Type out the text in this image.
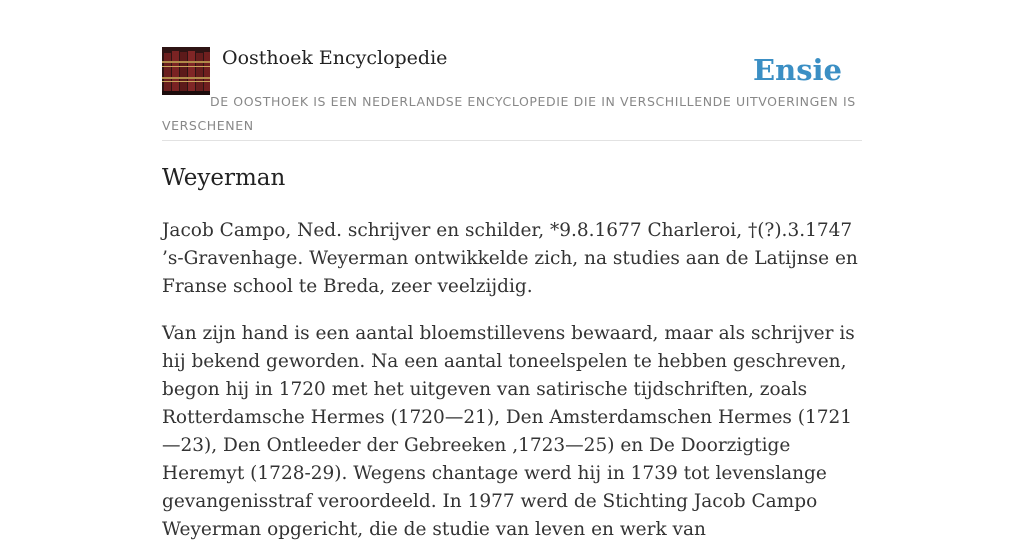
Oosthoek Encyclopedie	Ensie
DE OOSTHOEK IS EEN NEDERLANDSE ENCYCLOPEDIE DIE IN VERSCHILLENDE UITVOERINGEN IS VERSCHENEN
Weyerman

Jacob Campo, Ned. schrijver en schilder, *9.8.1677 Charleroi, †(?).3.1747 ’s-Gravenhage. Weyerman ontwikkelde zich, na studies aan de Latijnse en Franse school te Breda, zeer veelzijdig.

Van zijn hand is een aantal bloemstillevens bewaard, maar als schrijver is hij bekend geworden. Na een aantal toneelspelen te hebben geschreven, begon hij in 1720 met het uitgeven van satirische tijdschriften, zoals Rotterdamsche Hermes (1720—21), Den Amsterdamschen Hermes (1721—23), Den Ontleeder der Gebreeken ,1723—25) en De Doorzigtige Heremyt (1728-29). Wegens chantage werd hij in 1739 tot levenslange gevangenisstraf veroordeeld. In 1977 werd de Stichting Jacob Campo Weyerman opgericht, die de studie van leven en werk van
